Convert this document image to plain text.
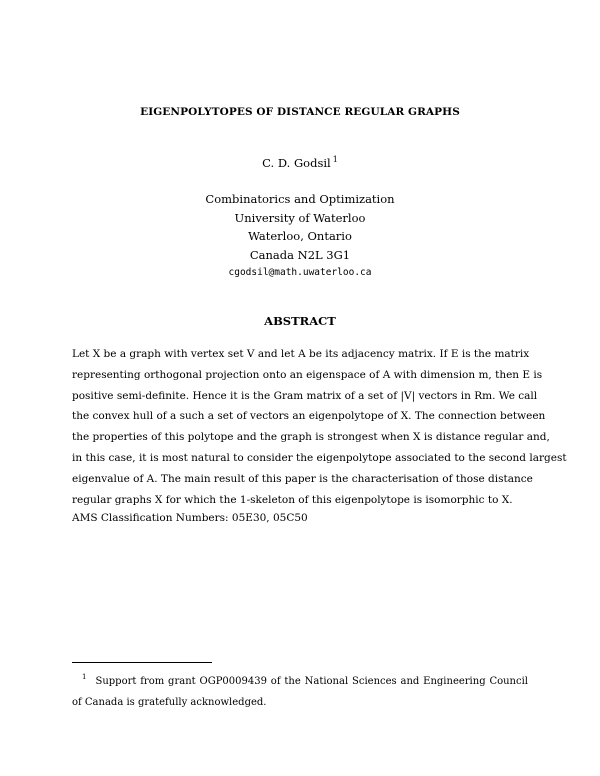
EIGENPOLYTOPES OF DISTANCE REGULAR GRAPHS
C. D. Godsil $^1$
Combinatorics and Optimization
University of Waterloo
Waterloo, Ontario
Canada N2L 3G1
cgodsil@math.uwaterloo.ca
ABSTRACT
Let X be a graph with vertex set V and let A be its adjacency matrix. If E is the matrix
representing orthogonal projection onto an eigenspace of A with dimension m, then E is
positive semi-definite. Hence it is the Gram matrix of a set of |V| vectors in Rm. We call
the convex hull of a such a set of vectors an eigenpolytope of X. The connection between
the properties of this polytope and the graph is strongest when X is distance regular and,
in this case, it is most natural to consider the eigenpolytope associated to the second largest
eigenvalue of A. The main result of this paper is the characterisation of those distance
regular graphs X for which the 1-skeleton of this eigenpolytope is isomorphic to X.
AMS Classification Numbers: 05E30, 05C50
$^1$ Support from grant OGP0009439 of the National Sciences and Engineering Council
of Canada is gratefully acknowledged.
